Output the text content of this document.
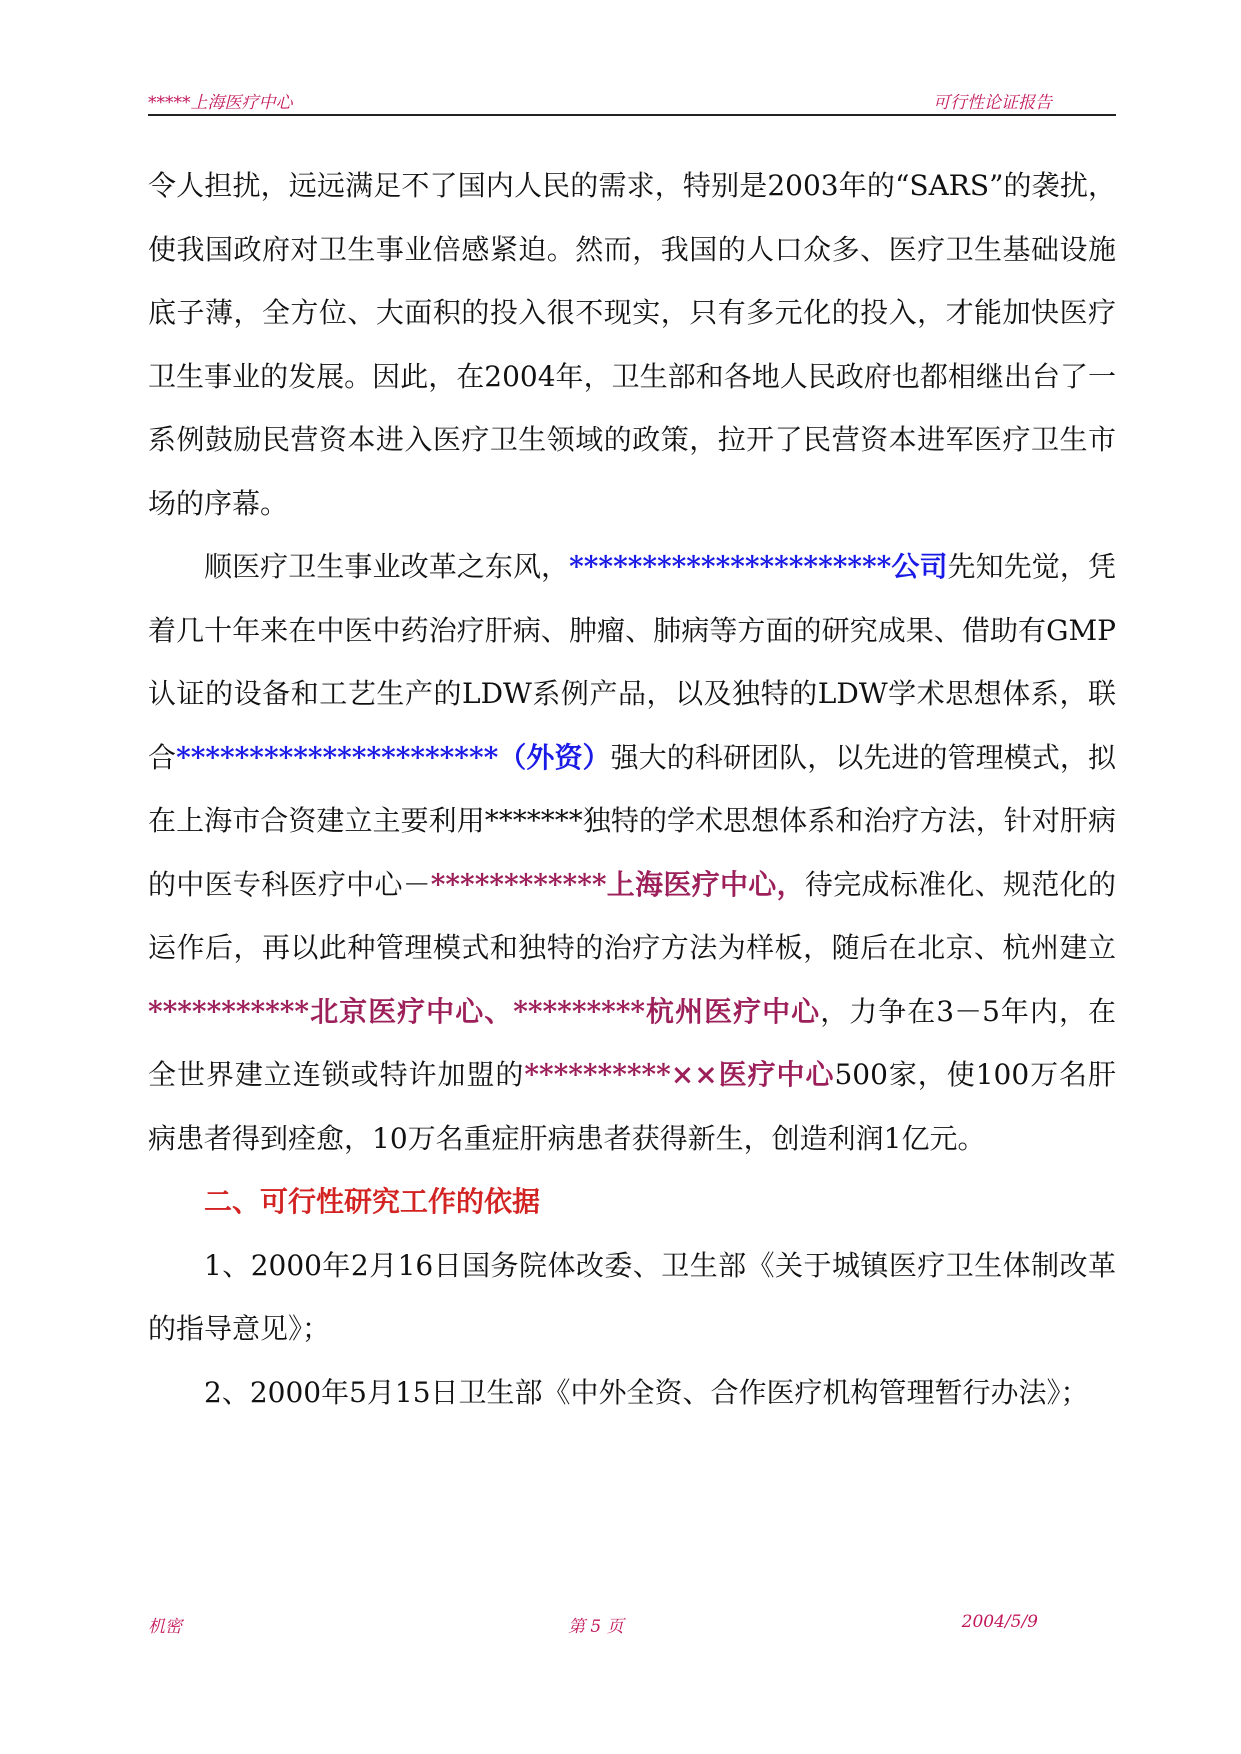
*****上海医疗中心	可行性论证报告

令人担扰，远远满足不了国内人民的需求，特别是2003年的“SARS”的袭扰，使我国政府对卫生事业倍感紧迫。然而，我国的人口众多、医疗卫生基础设施底子薄，全方位、大面积的投入很不现实，只有多元化的投入，才能加快医疗卫生事业的发展。因此，在2004年，卫生部和各地人民政府也都相继出台了一系例鼓励民营资本进入医疗卫生领域的政策，拉开了民营资本进军医疗卫生市场的序幕。

顺医疗卫生事业改革之东风，**********************公司先知先觉，凭着几十年来在中医中药治疗肝病、肿瘤、肺病等方面的研究成果、借助有GMP认证的设备和工艺生产的LDW系例产品，以及独特的LDW学术思想体系，联合**********************（外资）强大的科研团队，以先进的管理模式，拟在上海市合资建立主要利用*******独特的学术思想体系和治疗方法，针对肝病的中医专科医疗中心－************上海医疗中心，待完成标准化、规范化的运作后，再以此种管理模式和独特的治疗方法为样板，随后在北京、杭州建立***********北京医疗中心、*********杭州医疗中心，力争在3－5年内，在全世界建立连锁或特许加盟的**********××医疗中心500家，使100万名肝病患者得到痊愈，10万名重症肝病患者获得新生，创造利润1亿元。

二、可行性研究工作的依据

1、2000年2月16日国务院体改委、卫生部《关于城镇医疗卫生体制改革的指导意见》；

2、2000年5月15日卫生部《中外全资、合作医疗机构管理暂行办法》；

机密	第 5 页	2004/5/9
